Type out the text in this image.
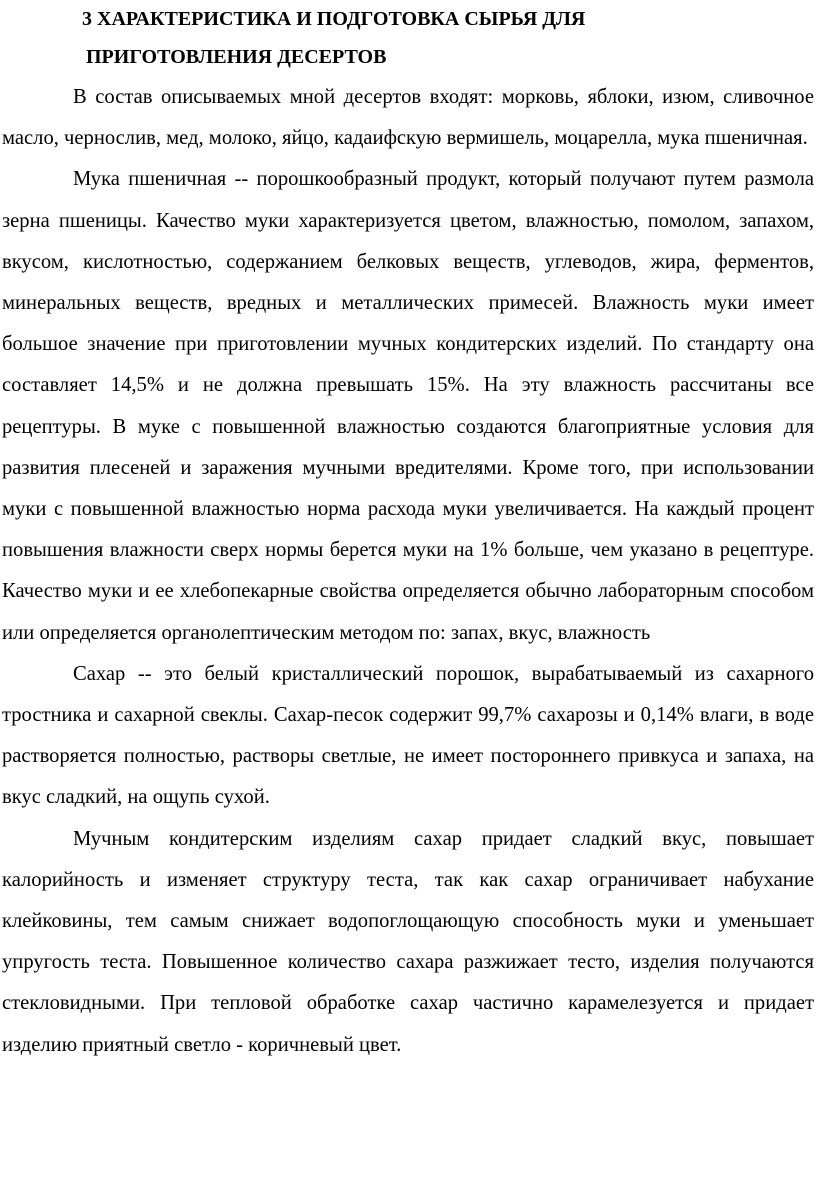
3 ХАРАКТЕРИСТИКА И ПОДГОТОВКА СЫРЬЯ ДЛЯ
ПРИГОТОВЛЕНИЯ ДЕСЕРТОВ

В состав описываемых мной десертов входят: морковь, яблоки, изюм, сливочное масло, чернослив, мед, молоко, яйцо, кадаифскую вермишель, моцарелла, мука пшеничная.

Мука пшеничная -- порошкообразный продукт, который получают путем размола зерна пшеницы. Качество муки характеризуется цветом, влажностью, помолом, запахом, вкусом, кислотностью, содержанием белковых веществ, углеводов, жира, ферментов, минеральных веществ, вредных и металлических примесей. Влажность муки имеет большое значение при приготовлении мучных кондитерских изделий. По стандарту она составляет 14,5% и не должна превышать 15%. На эту влажность рассчитаны все рецептуры. В муке с повышенной влажностью создаются благоприятные условия для развития плесеней и заражения мучными вредителями. Кроме того, при использовании муки с повышенной влажностью норма расхода муки увеличивается. На каждый процент повышения влажности сверх нормы берется муки на 1% больше, чем указано в рецептуре. Качество муки и ее хлебопекарные свойства определяется обычно лабораторным способом или определяется органолептическим методом по: запах, вкус, влажность

Сахар -- это белый кристаллический порошок, вырабатываемый из сахарного тростника и сахарной свеклы. Сахар-песок содержит 99,7% сахарозы и 0,14% влаги, в воде растворяется полностью, растворы светлые, не имеет постороннего привкуса и запаха, на вкус сладкий, на ощупь сухой.

Мучным кондитерским изделиям сахар придает сладкий вкус, повышает калорийность и изменяет структуру теста, так как сахар ограничивает набухание клейковины, тем самым снижает водопоглощающую способность муки и уменьшает упругость теста. Повышенное количество сахара разжижает тесто, изделия получаются стекловидными. При тепловой обработке сахар частично карамелезуется и придает изделию приятный светло - коричневый цвет.
